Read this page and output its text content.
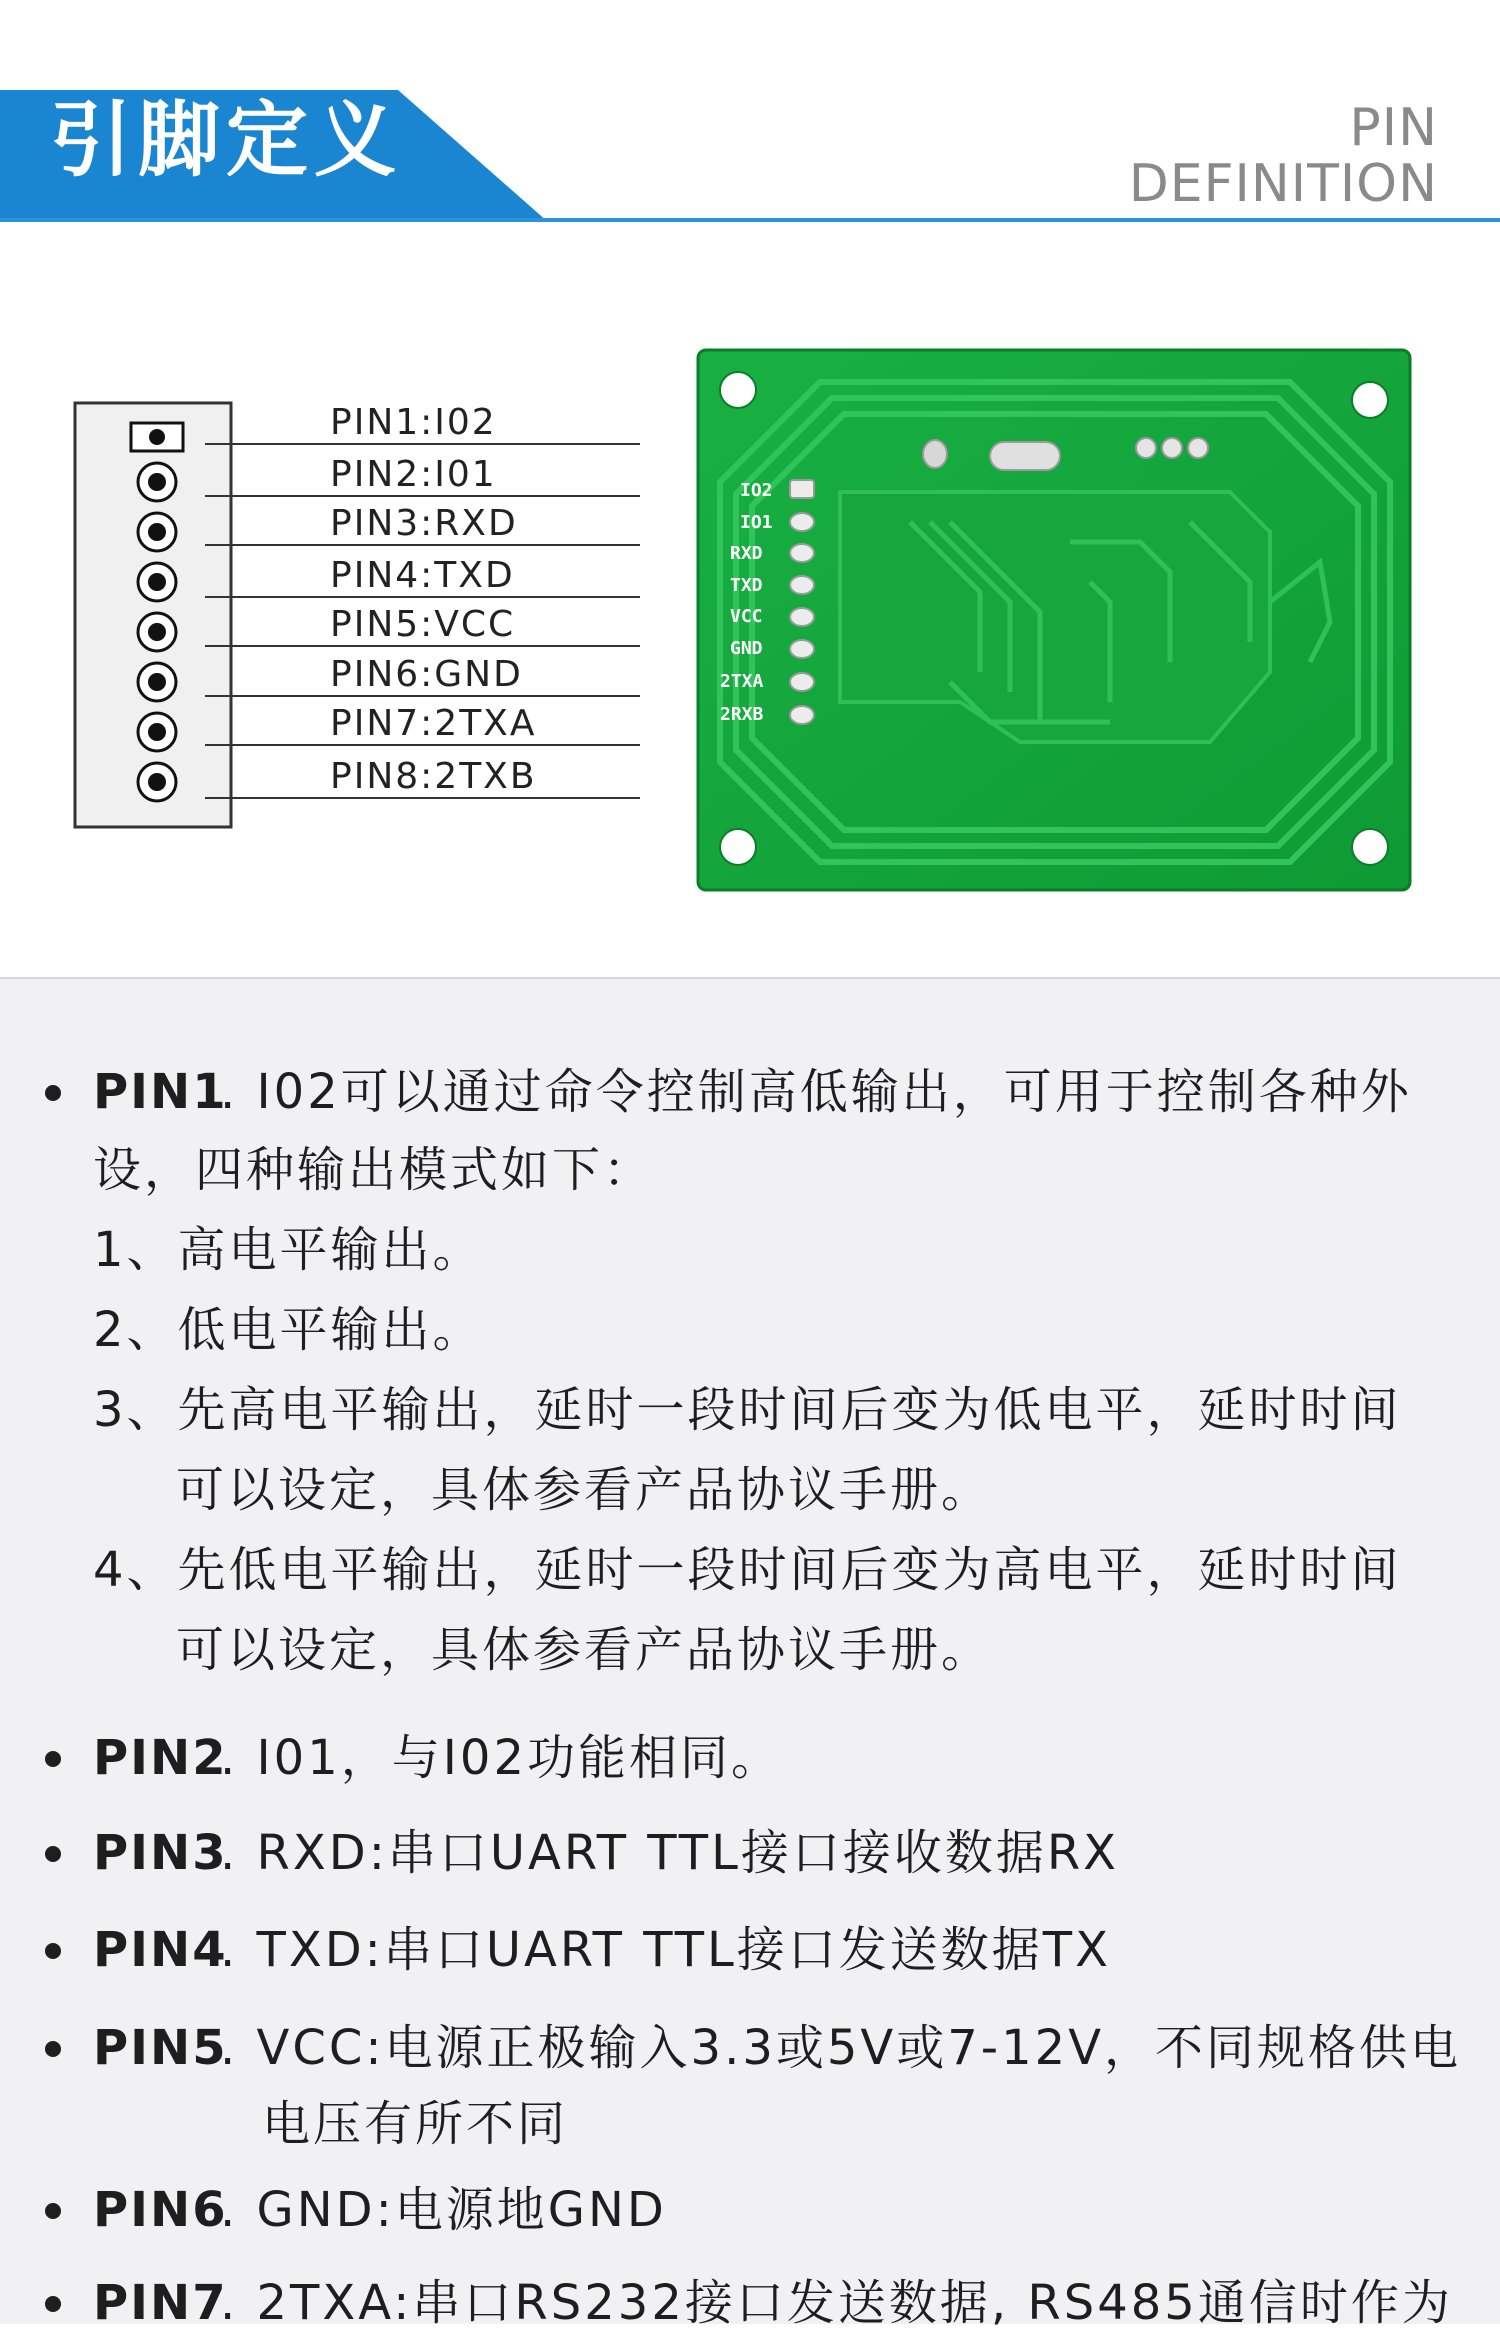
引脚定义	PIN
DEFINITION
PIN1:I02
PIN2:I01
PIN3:RXD
PIN4:TXD
PIN5:VCC
PIN6:GND
PIN7:2TXA
PIN8:2TXB
IO2
IO1
RXD
TXD
VCC
GND
2TXA
2RXB
PIN1
. I02可以通过命令控制高低输出，可用于控制各种外
设，四种输出模式如下：
1、高电平输出。
2、低电平输出。
3、先高电平输出，延时一段时间后变为低电平，延时时间
可以设定，具体参看产品协议手册。
4、先低电平输出，延时一段时间后变为高电平，延时时间
可以设定，具体参看产品协议手册。
PIN2
. I01，与I02功能相同。
PIN3
. RXD:串口UART TTL接口接收数据RX
PIN4
. TXD:串口UART TTL接口发送数据TX
PIN5
. VCC:电源正极输入3.3或5V或7-12V，不同规格供电
电压有所不同
PIN6
. GND:电源地GND
PIN7
. 2TXA:串口RS232接口发送数据, RS485通信时作为
